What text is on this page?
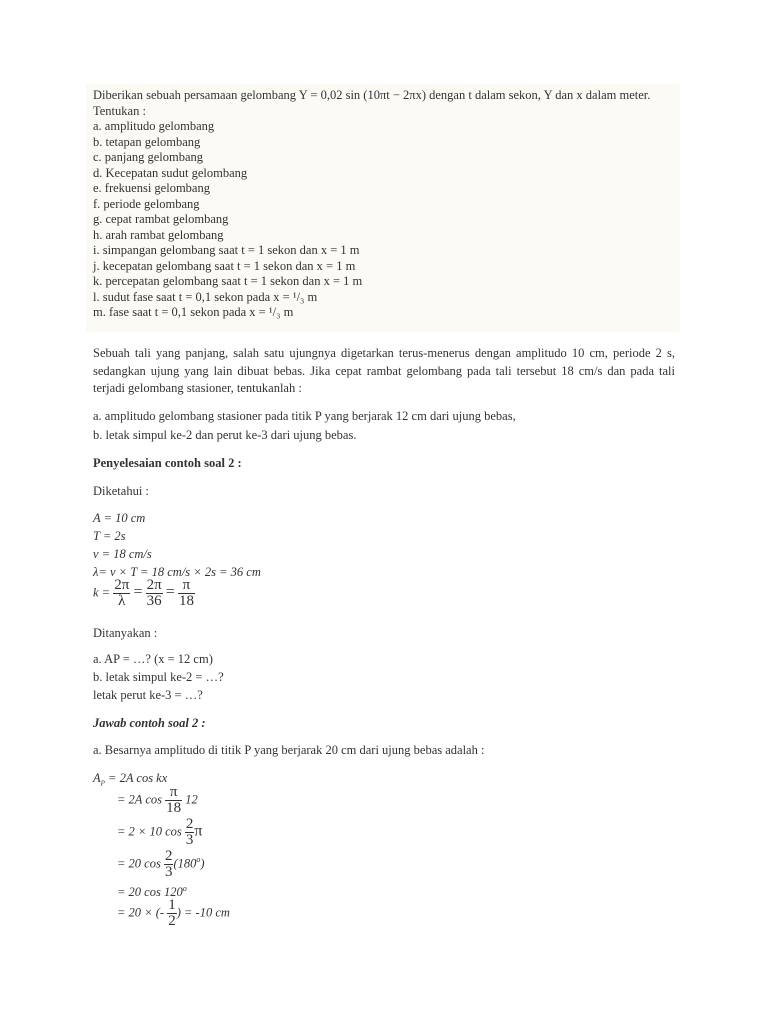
Diberikan sebuah persamaan gelombang Y = 0,02 sin (10πt − 2πx) dengan t dalam sekon, Y dan x dalam meter. Tentukan :

a. amplitudo gelombang

b. tetapan gelombang

c. panjang gelombang

d. Kecepatan sudut gelombang

e. frekuensi gelombang

f. periode gelombang

g. cepat rambat gelombang

h. arah rambat gelombang

i. simpangan gelombang saat t = 1 sekon dan x = 1 m

j. kecepatan gelombang saat t = 1 sekon dan x = 1 m

k. percepatan gelombang saat t = 1 sekon dan x = 1 m

l. sudut fase saat t = 0,1 sekon pada x = ¹/₃ m

m. fase saat t = 0,1 sekon pada x = ¹/₃ m

Sebuah tali yang panjang, salah satu ujungnya digetarkan terus-menerus dengan amplitudo 10 cm, periode 2 s, sedangkan ujung yang lain dibuat bebas. Jika cepat rambat gelombang pada tali tersebut 18 cm/s dan pada tali terjadi gelombang stasioner, tentukanlah :

a. amplitudo gelombang stasioner pada titik P yang berjarak 12 cm dari ujung bebas,

b. letak simpul ke-2 dan perut ke-3 dari ujung bebas.

Penyelesaian contoh soal 2 :

Diketahui :

A = 10 cm

T = 2s

v = 18 cm/s

λ= v × T = 18 cm/s × 2s = 36 cm

$k = \frac{2\pi}{\lambda} = \frac{2\pi}{36} = \frac{\pi}{18}$

Ditanyakan :

a. AP = …? (x = 12 cm)

b. letak simpul ke-2 = …?

letak perut ke-3 = …?

Jawab contoh soal 2 :

a. Besarnya amplitudo di titik P yang berjarak 20 cm dari ujung bebas adalah :

$A_P = 2A$ cos kx
= 2A $\cos \frac{\pi}{18} 12$
= 2 × 10 $\cos \frac{2}{3}$ π
= 20 $\cos \frac{2}{3} (180^o)$
= 20 $\cos 120^o$
= 20 × (- $\frac{1}{2}$ ) = -10 cm
